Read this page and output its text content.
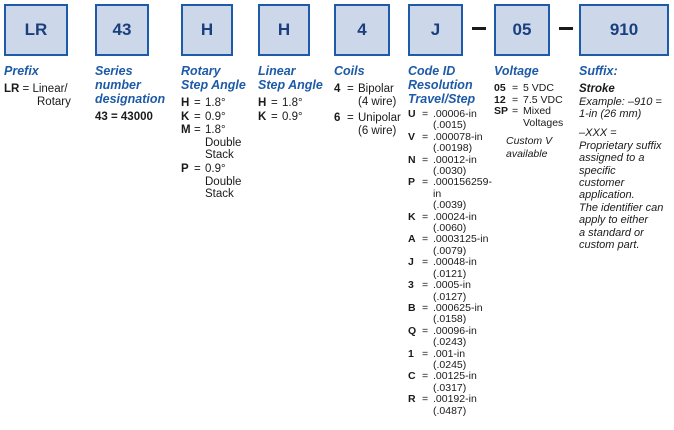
LR	43	H	H	4	J	05	910
Prefix
LR = Linear/
Rotary
Series
number
designation
43 = 43000
Rotary
Step Angle
H = 1.8°
K = 0.9°
M = 1.8°
Double
Stack
P = 0.9°
Double
Stack
Linear
Step Angle
H = 1.8°
K = 0.9°
Coils
4 = Bipolar
(4 wire)
6 = Unipolar
(6 wire)
Code ID
Resolution
Travel/Step
U = .00006-in
(.0015)
V = .000078-in
(.00198)
N = .00012-in
(.0030)
P = .000156259-in
(.0039)
K = .00024-in
(.0060)
A = .0003125-in
(.0079)
J = .00048-in
(.0121)
3 = .0005-in
(.0127)
B = .000625-in
(.0158)
Q = .00096-in
(.0243)
1 = .001-in
(.0245)
C = .00125-in
(.0317)
R = .00192-in
(.0487)
Voltage
05 = 5 VDC
12 = 7.5 VDC
SP = Mixed
Voltages
Custom V
available
Suffix:
Stroke
Example: –910 =
1-in (26 mm)
–XXX =
Proprietary suffix
assigned to a
specific
customer
application.
The identifier can
apply to either
a standard or
custom part.
